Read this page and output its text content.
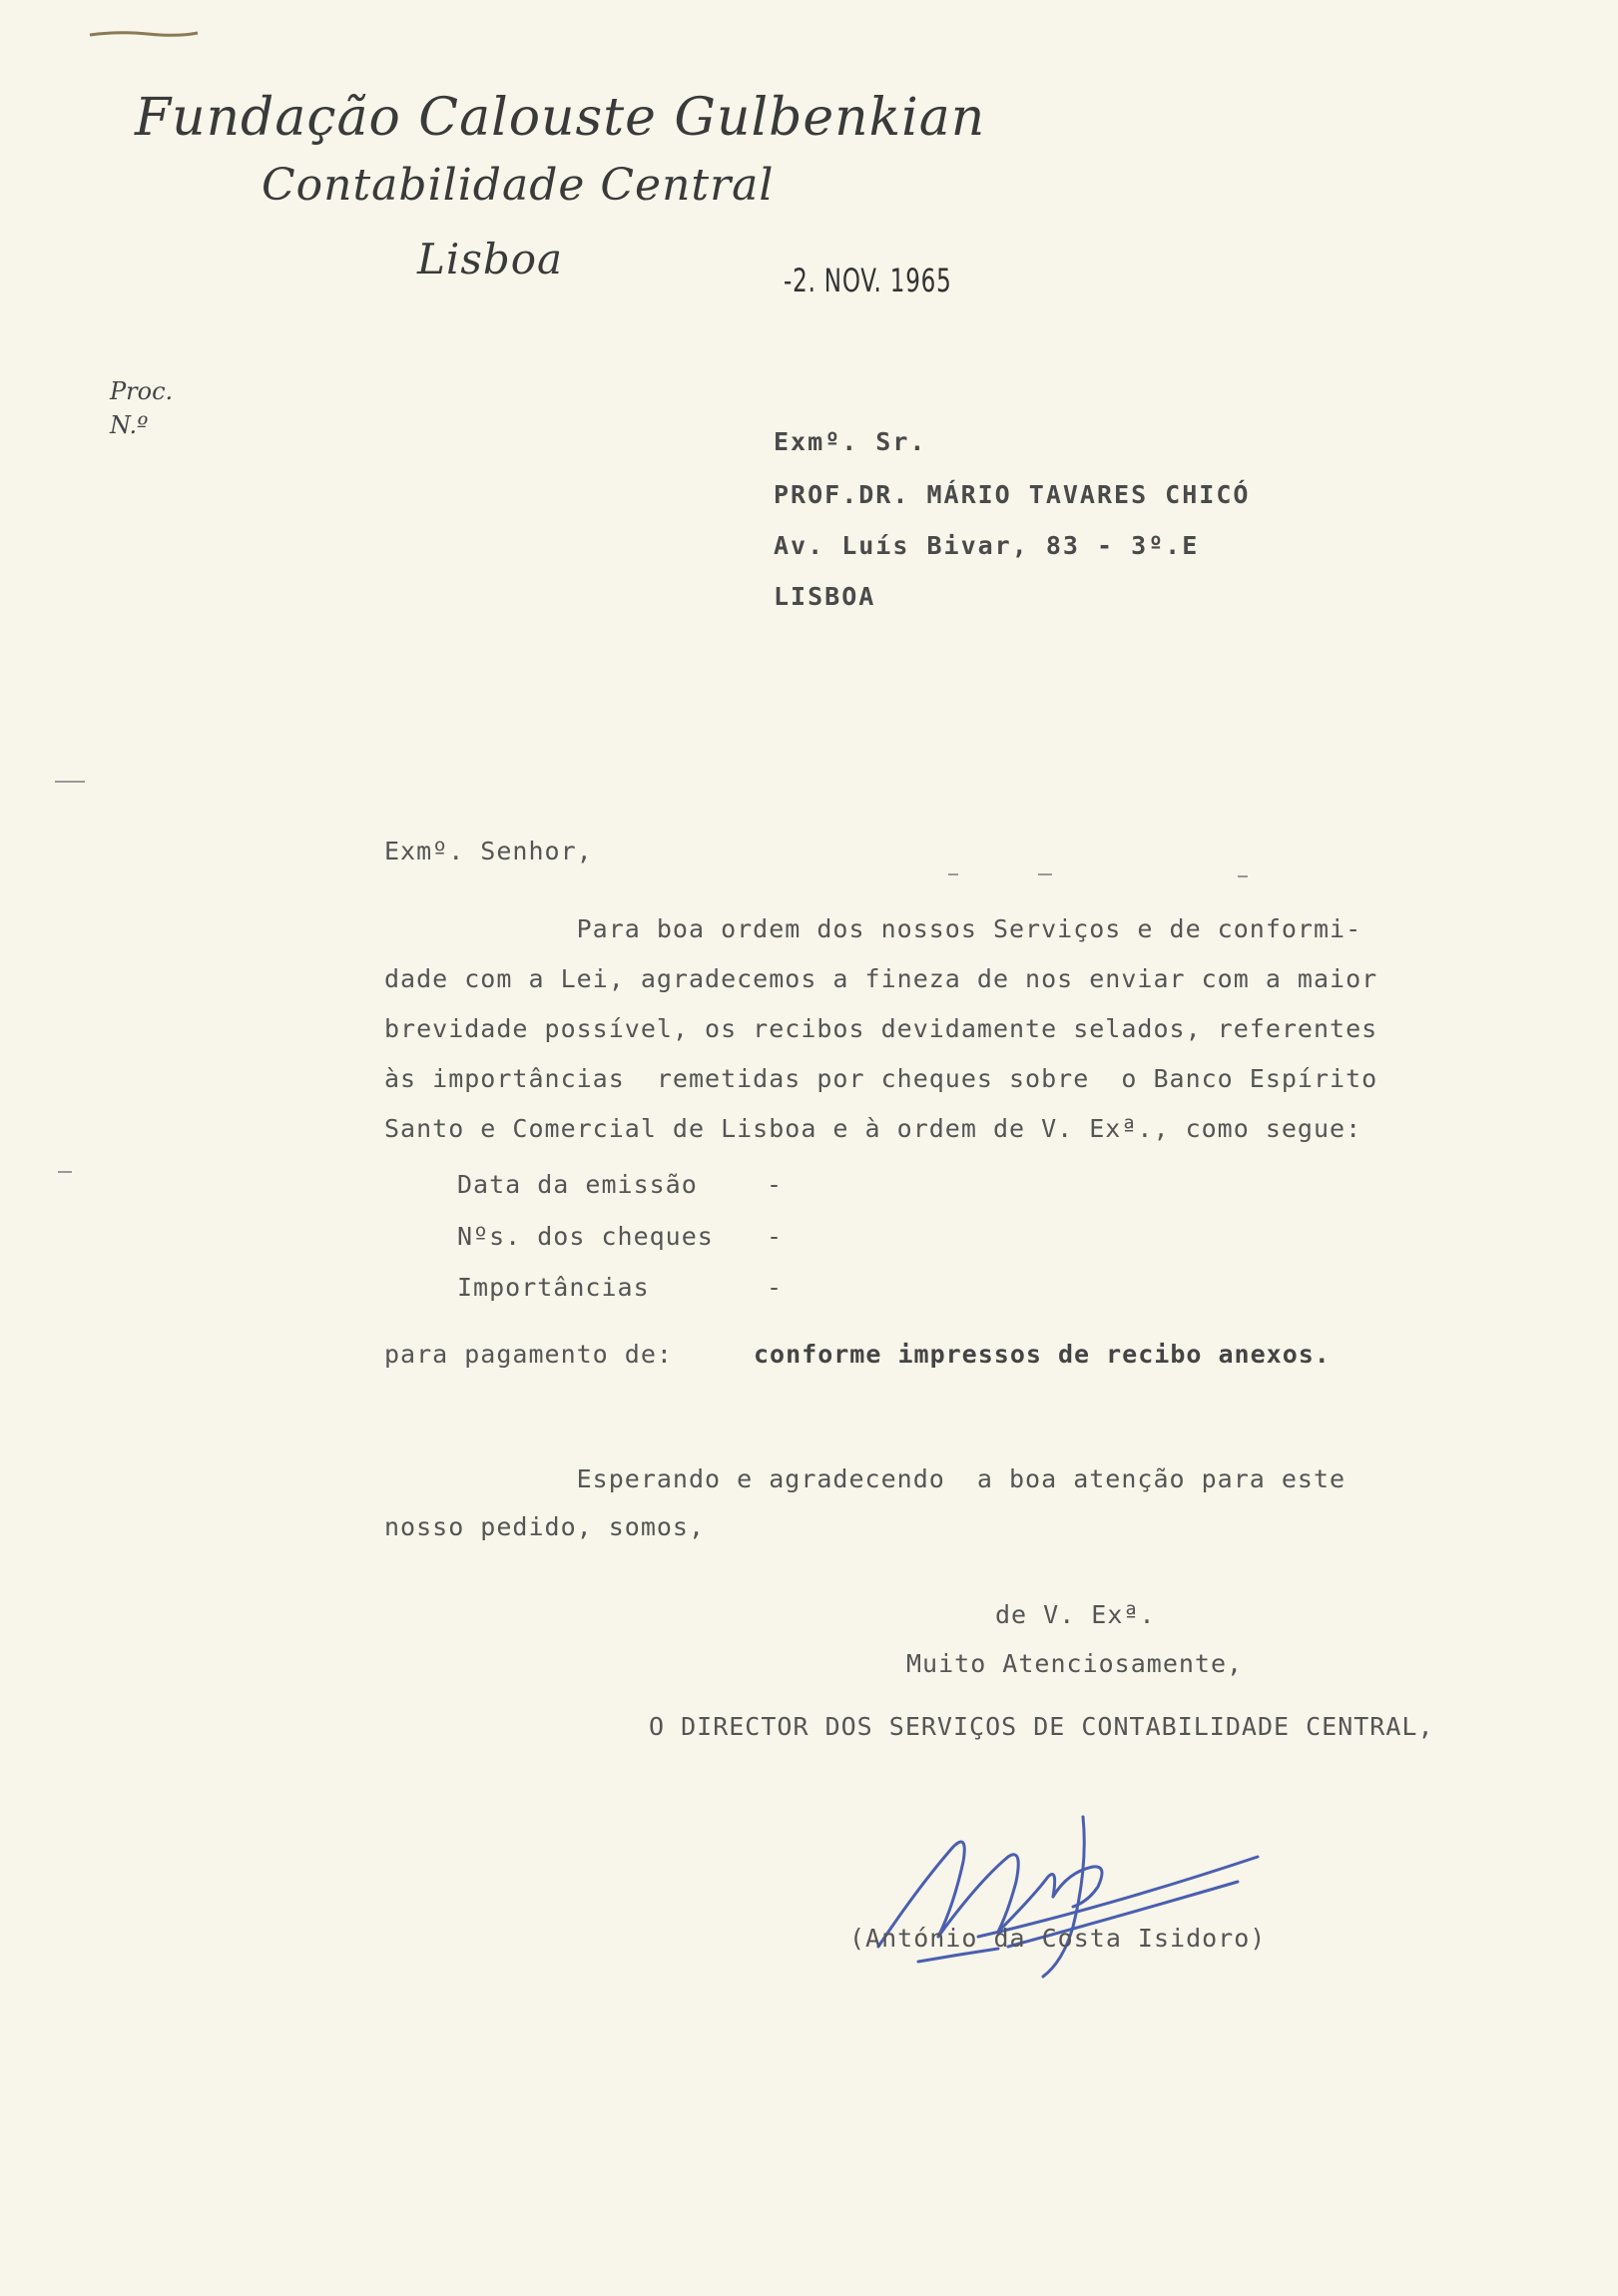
Fundação Calouste Gulbenkian
Contabilidade Central
Lisboa	-2. NOV. 1965
Proc.
N.º
Exmº. Sr.
PROF.DR. MÁRIO TAVARES CHICÓ
Av. Luís Bivar, 83 - 3º.E
LISBOA
Exmº. Senhor,
Para boa ordem dos nossos Serviços e de conformi-
dade com a Lei, agradecemos a fineza de nos enviar com a maior
brevidade possível, os recibos devidamente selados, referentes
às importâncias  remetidas por cheques sobre  o Banco Espírito
Santo e Comercial de Lisboa e à ordem de V. Exª., como segue:
Data da emissão
Nºs. dos cheques
Importâncias
-
-
-
para pagamento de:	conforme impressos de recibo anexos.
Esperando e agradecendo  a boa atenção para este
nosso pedido, somos,
de V. Exª.
Muito Atenciosamente,
O DIRECTOR DOS SERVIÇOS DE CONTABILIDADE CENTRAL,
(António da Costa Isidoro)
